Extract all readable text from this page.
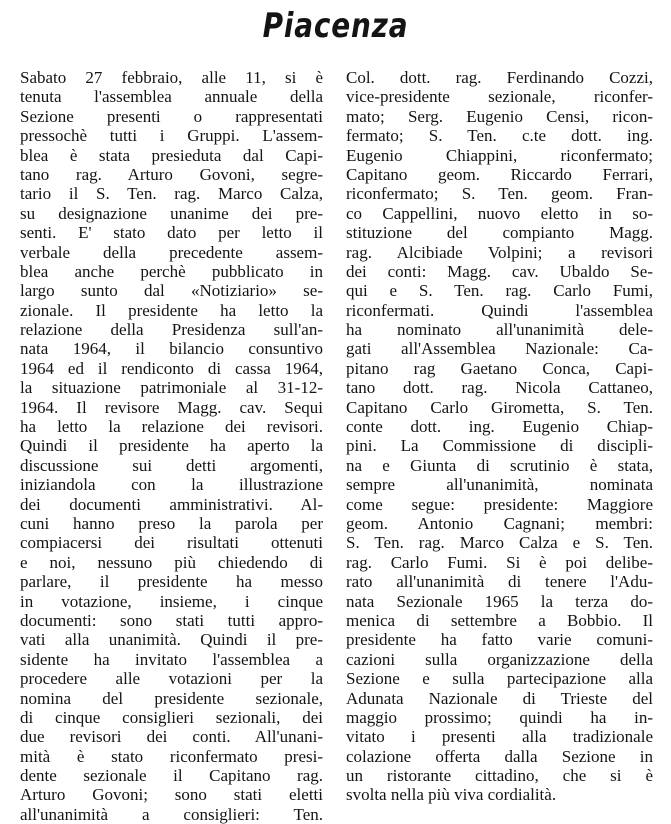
Piacenza
Sabato 27 febbraio, alle 11, si è
tenuta l'assemblea annuale della
Sezione presenti o rappresentati
pressochè tutti i Gruppi. L'assem-
blea è stata presieduta dal Capi-
tano rag. Arturo Govoni, segre-
tario il S. Ten. rag. Marco Calza,
su designazione unanime dei pre-
senti. E' stato dato per letto il
verbale della precedente assem-
blea anche perchè pubblicato in
largo sunto dal «Notiziario» se-
zionale. Il presidente ha letto la
relazione della Presidenza sull'an-
nata 1964, il bilancio consuntivo
1964 ed il rendiconto di cassa 1964,
la situazione patrimoniale al 31-12-
1964. Il revisore Magg. cav. Sequi
ha letto la relazione dei revisori.
Quindi il presidente ha aperto la
discussione sui detti argomenti,
iniziandola con la illustrazione
dei documenti amministrativi. Al-
cuni hanno preso la parola per
compiacersi dei risultati ottenuti
e noi, nessuno più chiedendo di
parlare, il presidente ha messo
in votazione, insieme, i cinque
documenti: sono stati tutti appro-
vati alla unanimità. Quindi il pre-
sidente ha invitato l'assemblea a
procedere alle votazioni per la
nomina del presidente sezionale,
di cinque consiglieri sezionali, dei
due revisori dei conti. All'unani-
mità è stato riconfermato presi-
dente sezionale il Capitano rag.
Arturo Govoni; sono stati eletti
all'unanimità a consiglieri: Ten.
Col. dott. rag. Ferdinando Cozzi,
vice-presidente sezionale, riconfer-
mato; Serg. Eugenio Censi, ricon-
fermato; S. Ten. c.te dott. ing.
Eugenio Chiappini, riconfermato;
Capitano geom. Riccardo Ferrari,
riconfermato; S. Ten. geom. Fran-
co Cappellini, nuovo eletto in so-
stituzione del compianto Magg.
rag. Alcibiade Volpini; a revisori
dei conti: Magg. cav. Ubaldo Se-
qui e S. Ten. rag. Carlo Fumi,
riconfermati. Quindi l'assemblea
ha nominato all'unanimità dele-
gati all'Assemblea Nazionale: Ca-
pitano rag Gaetano Conca, Capi-
tano dott. rag. Nicola Cattaneo,
Capitano Carlo Girometta, S. Ten.
conte dott. ing. Eugenio Chiap-
pini. La Commissione di discipli-
na e Giunta di scrutinio è stata,
sempre all'unanimità, nominata
come segue: presidente: Maggiore
geom. Antonio Cagnani; membri:
S. Ten. rag. Marco Calza e S. Ten.
rag. Carlo Fumi. Si è poi delibe-
rato all'unanimità di tenere l'Adu-
nata Sezionale 1965 la terza do-
menica di settembre a Bobbio. Il
presidente ha fatto varie comuni-
cazioni sulla organizzazione della
Sezione e sulla partecipazione alla
Adunata Nazionale di Trieste del
maggio prossimo; quindi ha in-
vitato i presenti alla tradizionale
colazione offerta dalla Sezione in
un ristorante cittadino, che si è
svolta nella più viva cordialità.
